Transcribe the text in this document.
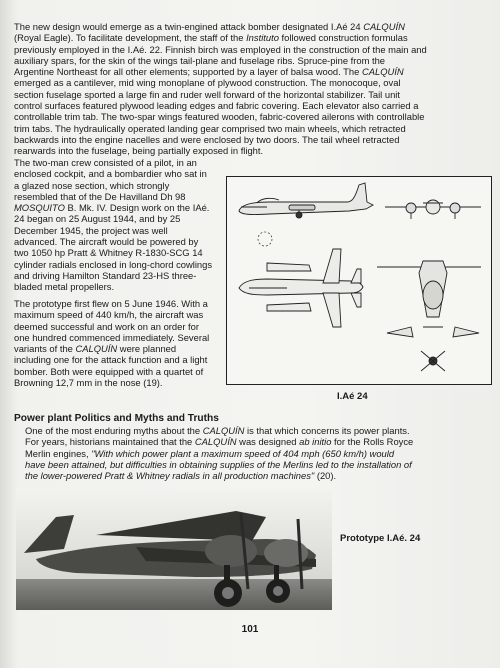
The new design would emerge as a twin-engined attack bomber designated I.Aé 24 CALQUÍN
(Royal Eagle). To facilitate development, the staff of the Instituto followed construction formulas
previously employed in the I.Aé. 22. Finnish birch was employed in the construction of the main and
auxiliary spars, for the skin of the wings tail-plane and fuselage ribs. Spruce-pine from the
Argentine Northeast for all other elements; supported by a layer of balsa wood. The CALQUÍN
emerged as a cantilever, mid wing monoplane of plywood construction. The monocoque, oval
section fuselage sported a large fin and ruder well forward of the horizontal stabilizer. Tail unit
control surfaces featured plywood leading edges and fabric covering. Each elevator also carried a
controllable trim tab. The two-spar wings featured wooden, fabric-covered ailerons with controllable
trim tabs. The hydraulically operated landing gear comprised two main wheels, which retracted
backwards into the engine nacelles and were enclosed by two doors. The tail wheel retracted
rearwards into the fuselage, being partially exposed in flight.
The two-man crew consisted of a pilot, in an
enclosed cockpit, and a bombardier who sat in
a glazed nose section, which strongly
resembled that of the De Havilland Dh 98
MOSQUITO B. Mk. IV. Design work on the IAé.
24 began on 25 August 1944, and by 25
December 1945, the project was well
advanced. The aircraft would be powered by
two 1050 hp Pratt & Whitney R-1830-SCG 14
cylinder radials enclosed in long-chord cowlings
and driving Hamilton Standard 23-HS three-
bladed metal propellers.
The prototype first flew on 5 June 1946. With a
maximum speed of 440 km/h, the aircraft was
deemed successful and work on an order for
one hundred commenced immediately. Several
variants of the CALQUÍN were planned
including one for the attack function and a light
bomber. Both were equipped with a quartet of
Browning 12,7 mm in the nose (19).
I.Aé 24
Power plant Politics and Myths and Truths
One of the most enduring myths about the CALQUÍN is that which concerns its power plants.
For years, historians maintained that the CALQUÍN was designed ab initio for the Rolls Royce
Merlin engines, "With which power plant a maximum speed of 404 mph (650 km/h) would
have been attained, but difficulties in obtaining supplies of the Merlins led to the installation of
the lower-powered Pratt & Whitney radials in all production machines" (20).
Prototype I.Aé. 24
101
